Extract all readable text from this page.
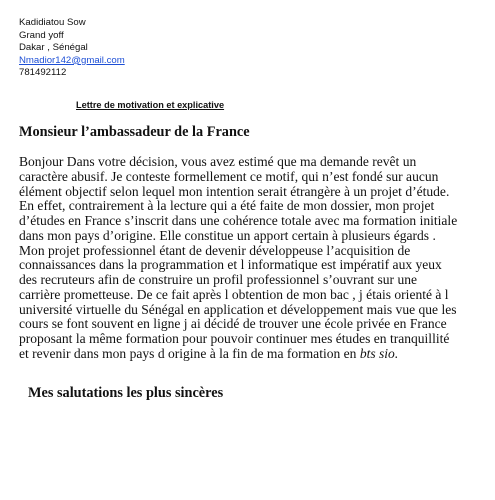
Kadidiatou Sow
Grand yoff
Dakar , Sénégal
Nmadior142@gmail.com
781492112
Lettre de motivation et explicative
Monsieur l’ambassadeur de la France
Bonjour Dans votre décision, vous avez estimé que ma demande revêt un
caractère abusif. Je conteste formellement ce motif, qui n’est fondé sur aucun
élément objectif selon lequel mon intention serait étrangère à un projet d’étude.
En effet, contrairement à la lecture qui a été faite de mon dossier, mon projet
d’études en France s’inscrit dans une cohérence totale avec ma formation initiale
dans mon pays d’origine. Elle constitue un apport certain à plusieurs égards .
Mon projet professionnel étant de devenir développeuse l’acquisition de
connaissances dans la programmation et l informatique est impératif aux yeux
des recruteurs afin de construire un profil professionnel s’ouvrant sur une
carrière prometteuse. De ce fait après l obtention de mon bac , j étais orienté à l
université virtuelle du Sénégal en application et développement mais vue que les
cours se font souvent en ligne j ai décidé de trouver une école privée en France
proposant la même formation pour pouvoir continuer mes études en tranquillité
et revenir dans mon pays d origine à la fin de ma formation en bts sio.
Mes salutations les plus sincères
